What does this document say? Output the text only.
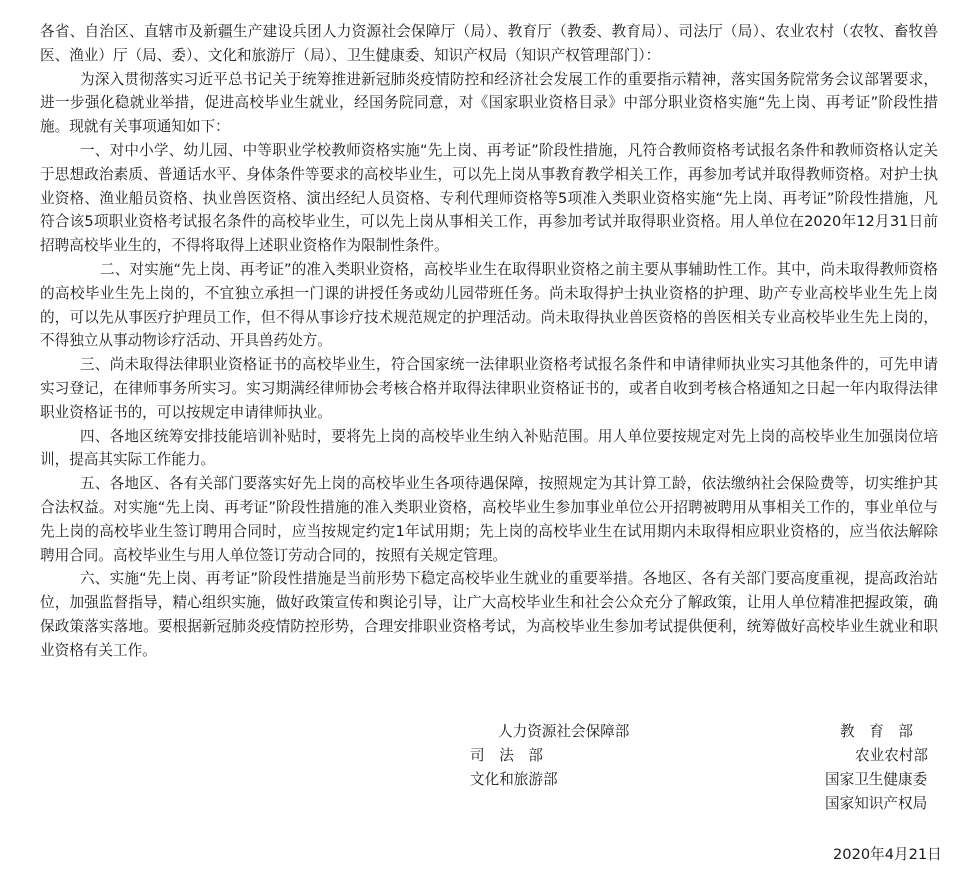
各省、自治区、直辖市及新疆生产建设兵团人力资源社会保障厅（局）、教育厅（教委、教育局）、司法厅（局）、农业农村（农牧、畜牧兽医、渔业）厅（局、委）、文化和旅游厅（局）、卫生健康委、知识产权局（知识产权管理部门）：

为深入贯彻落实习近平总书记关于统筹推进新冠肺炎疫情防控和经济社会发展工作的重要指示精神，落实国务院常务会议部署要求，进一步强化稳就业举措，促进高校毕业生就业，经国务院同意，对《国家职业资格目录》中部分职业资格实施“先上岗、再考证”阶段性措施。现就有关事项通知如下：

一、对中小学、幼儿园、中等职业学校教师资格实施“先上岗、再考证”阶段性措施，凡符合教师资格考试报名条件和教师资格认定关于思想政治素质、普通话水平、身体条件等要求的高校毕业生，可以先上岗从事教育教学相关工作，再参加考试并取得教师资格。对护士执业资格、渔业船员资格、执业兽医资格、演出经纪人员资格、专利代理师资格等5项准入类职业资格实施“先上岗、再考证”阶段性措施，凡符合该5项职业资格考试报名条件的高校毕业生，可以先上岗从事相关工作，再参加考试并取得职业资格。用人单位在2020年12月31日前招聘高校毕业生的，不得将取得上述职业资格作为限制性条件。

二、对实施“先上岗、再考证”的准入类职业资格，高校毕业生在取得职业资格之前主要从事辅助性工作。其中，尚未取得教师资格的高校毕业生先上岗的，不宜独立承担一门课的讲授任务或幼儿园带班任务。尚未取得护士执业资格的护理、助产专业高校毕业生先上岗的，可以先从事医疗护理员工作，但不得从事诊疗技术规范规定的护理活动。尚未取得执业兽医资格的兽医相关专业高校毕业生先上岗的，不得独立从事动物诊疗活动、开具兽药处方。

三、尚未取得法律职业资格证书的高校毕业生，符合国家统一法律职业资格考试报名条件和申请律师执业实习其他条件的，可先申请实习登记，在律师事务所实习。实习期满经律师协会考核合格并取得法律职业资格证书的，或者自收到考核合格通知之日起一年内取得法律职业资格证书的，可以按规定申请律师执业。

四、各地区统筹安排技能培训补贴时，要将先上岗的高校毕业生纳入补贴范围。用人单位要按规定对先上岗的高校毕业生加强岗位培训，提高其实际工作能力。

五、各地区、各有关部门要落实好先上岗的高校毕业生各项待遇保障，按照规定为其计算工龄，依法缴纳社会保险费等，切实维护其合法权益。对实施“先上岗、再考证”阶段性措施的准入类职业资格，高校毕业生参加事业单位公开招聘被聘用从事相关工作的，事业单位与先上岗的高校毕业生签订聘用合同时，应当按规定约定1年试用期；先上岗的高校毕业生在试用期内未取得相应职业资格的，应当依法解除聘用合同。高校毕业生与用人单位签订劳动合同的，按照有关规定管理。

六、实施“先上岗、再考证”阶段性措施是当前形势下稳定高校毕业生就业的重要举措。各地区、各有关部门要高度重视，提高政治站位，加强监督指导，精心组织实施，做好政策宣传和舆论引导，让广大高校毕业生和社会公众充分了解政策，让用人单位精准把握政策，确保政策落实落地。要根据新冠肺炎疫情防控形势，合理安排职业资格考试，为高校毕业生参加考试提供便利，统筹做好高校毕业生就业和职业资格有关工作。

人力资源社会保障部	教　育　部

司　法　部	农业农村部

文化和旅游部	国家卫生健康委

国家知识产权局

2020年4月21日
